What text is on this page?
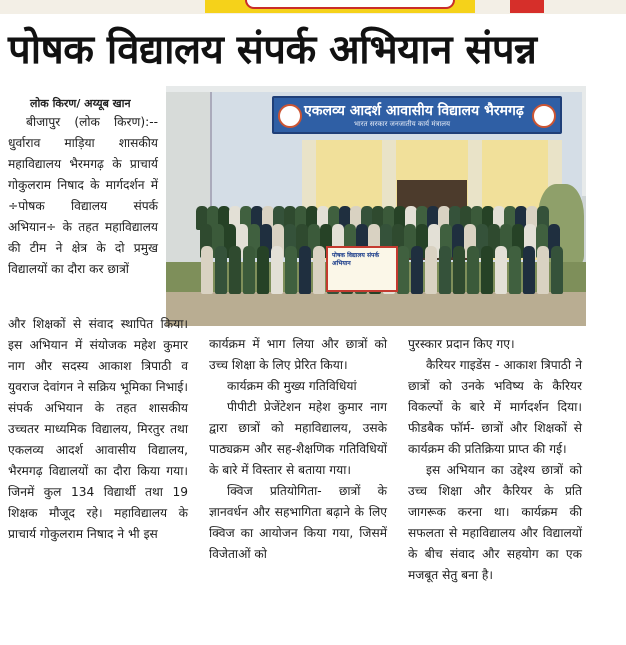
पोषक विद्यालय संपर्क अभियान संपन्न
लोक किरण/ अय्यूब खान	एकलव्य आदर्श आवासीय विद्यालय भैरमगढ़
भारत सरकार जनजातीय कार्य मंत्रालय
पोषक विद्यालय संपर्क अभियान

बीजापुर (लोक किरण):-- धुर्वाराव माड़िया शासकीय महाविद्यालय भैरमगढ़ के प्राचार्य गोकुलराम निषाद के मार्गदर्शन में ÷पोषक विद्यालय संपर्क अभियान÷ के तहत महाविद्यालय की टीम ने क्षेत्र के दो प्रमुख विद्यालयों का दौरा कर छात्रों

और शिक्षकों से संवाद स्थापित किया। इस अभियान में संयोजक महेश कुमार नाग और सदस्य आकाश त्रिपाठी व युवराज देवांगन ने सक्रिय भूमिका निभाई। संपर्क अभियान के तहत शासकीय उच्चतर माध्यमिक विद्यालय, मिरतुर तथा एकलव्य आदर्श आवासीय विद्यालय, भैरमगढ़ विद्यालयों का दौरा किया गया। जिनमें कुल 134 विद्यार्थी तथा 19 शिक्षक मौजूद रहे। महाविद्यालय के प्राचार्य गोकुलराम निषाद ने भी इस

कार्यक्रम में भाग लिया और छात्रों को उच्च शिक्षा के लिए प्रेरित किया।

कार्यक्रम की मुख्य गतिविधियां

पीपीटी प्रेजेंटेशन महेश कुमार नाग द्वारा छात्रों को महाविद्यालय, उसके पाठ्यक्रम और सह-शैक्षणिक गतिविधियों के बारे में विस्तार से बताया गया।

क्विज प्रतियोगिता- छात्रों के ज्ञानवर्धन और सहभागिता बढ़ाने के लिए क्विज का आयोजन किया गया, जिसमें विजेताओं को

पुरस्कार प्रदान किए गए।

कैरियर गाइडेंस - आकाश त्रिपाठी ने छात्रों को उनके भविष्य के कैरियर विकल्पों के बारे में मार्गदर्शन दिया। फीडबैक फॉर्म- छात्रों और शिक्षकों से कार्यक्रम की प्रतिक्रिया प्राप्त की गई।

इस अभियान का उद्देश्य छात्रों को उच्च शिक्षा और कैरियर के प्रति जागरूक करना था। कार्यक्रम की सफलता से महाविद्यालय और विद्यालयों के बीच संवाद और सहयोग का एक मजबूत सेतु बना है।
